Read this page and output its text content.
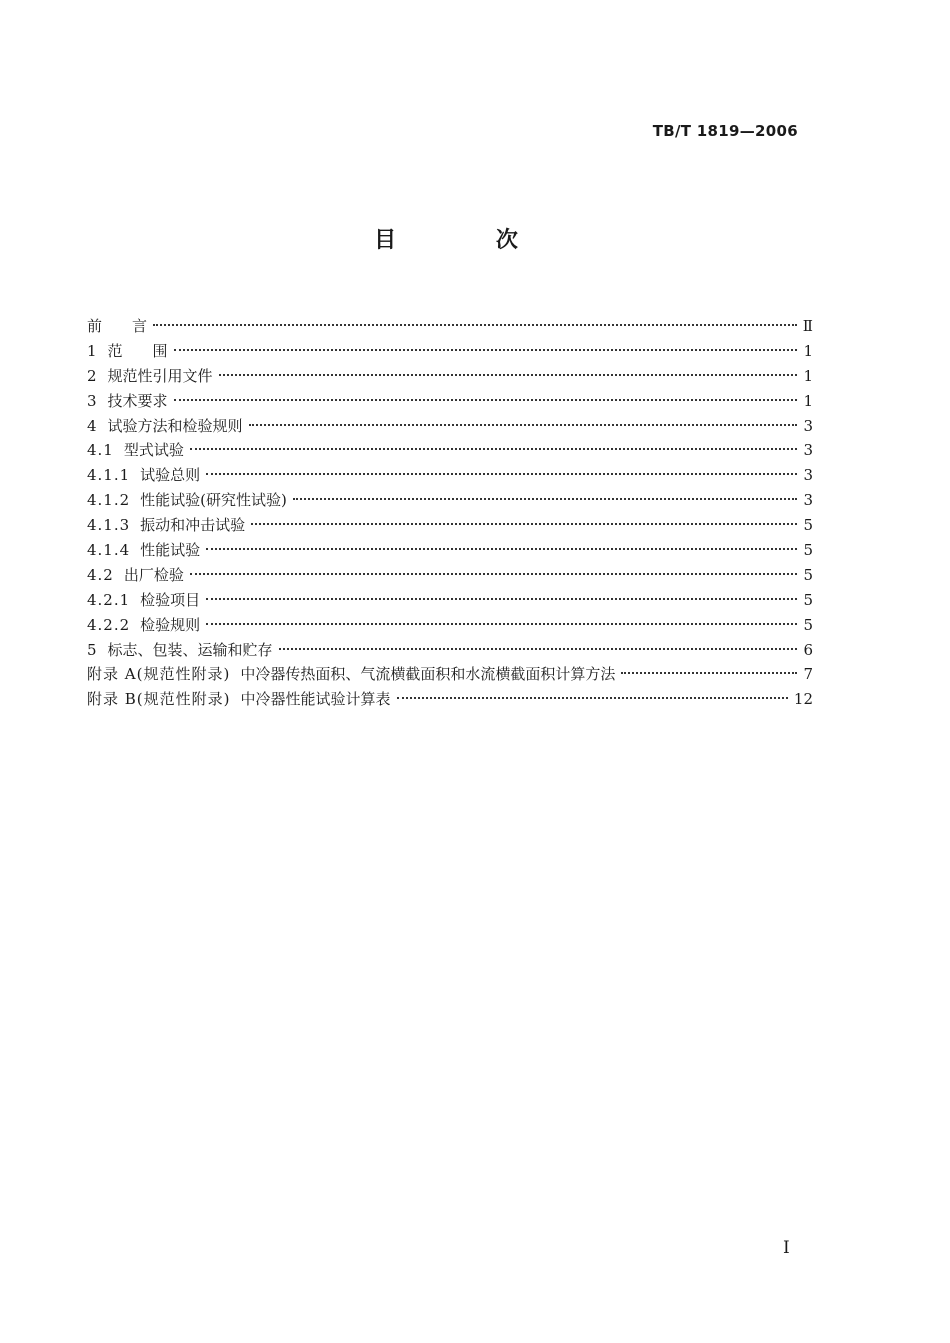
TB/T 1819—2006
目 次
前　　言	Ⅱ
1 范　　围	1
2 规范性引用文件	1
3 技术要求	1
4 试验方法和检验规则	3
4.1 型式试验	3
4.1.1 试验总则	3
4.1.2 性能试验(研究性试验)	3
4.1.3 振动和冲击试验	5
4.1.4 性能试验	5
4.2 出厂检验	5
4.2.1 检验项目	5
4.2.2 检验规则	5
5 标志、包装、运输和贮存	6
附录 A(规范性附录) 中冷器传热面积、气流横截面积和水流横截面积计算方法	7
附录 B(规范性附录) 中冷器性能试验计算表	12
Ⅰ
